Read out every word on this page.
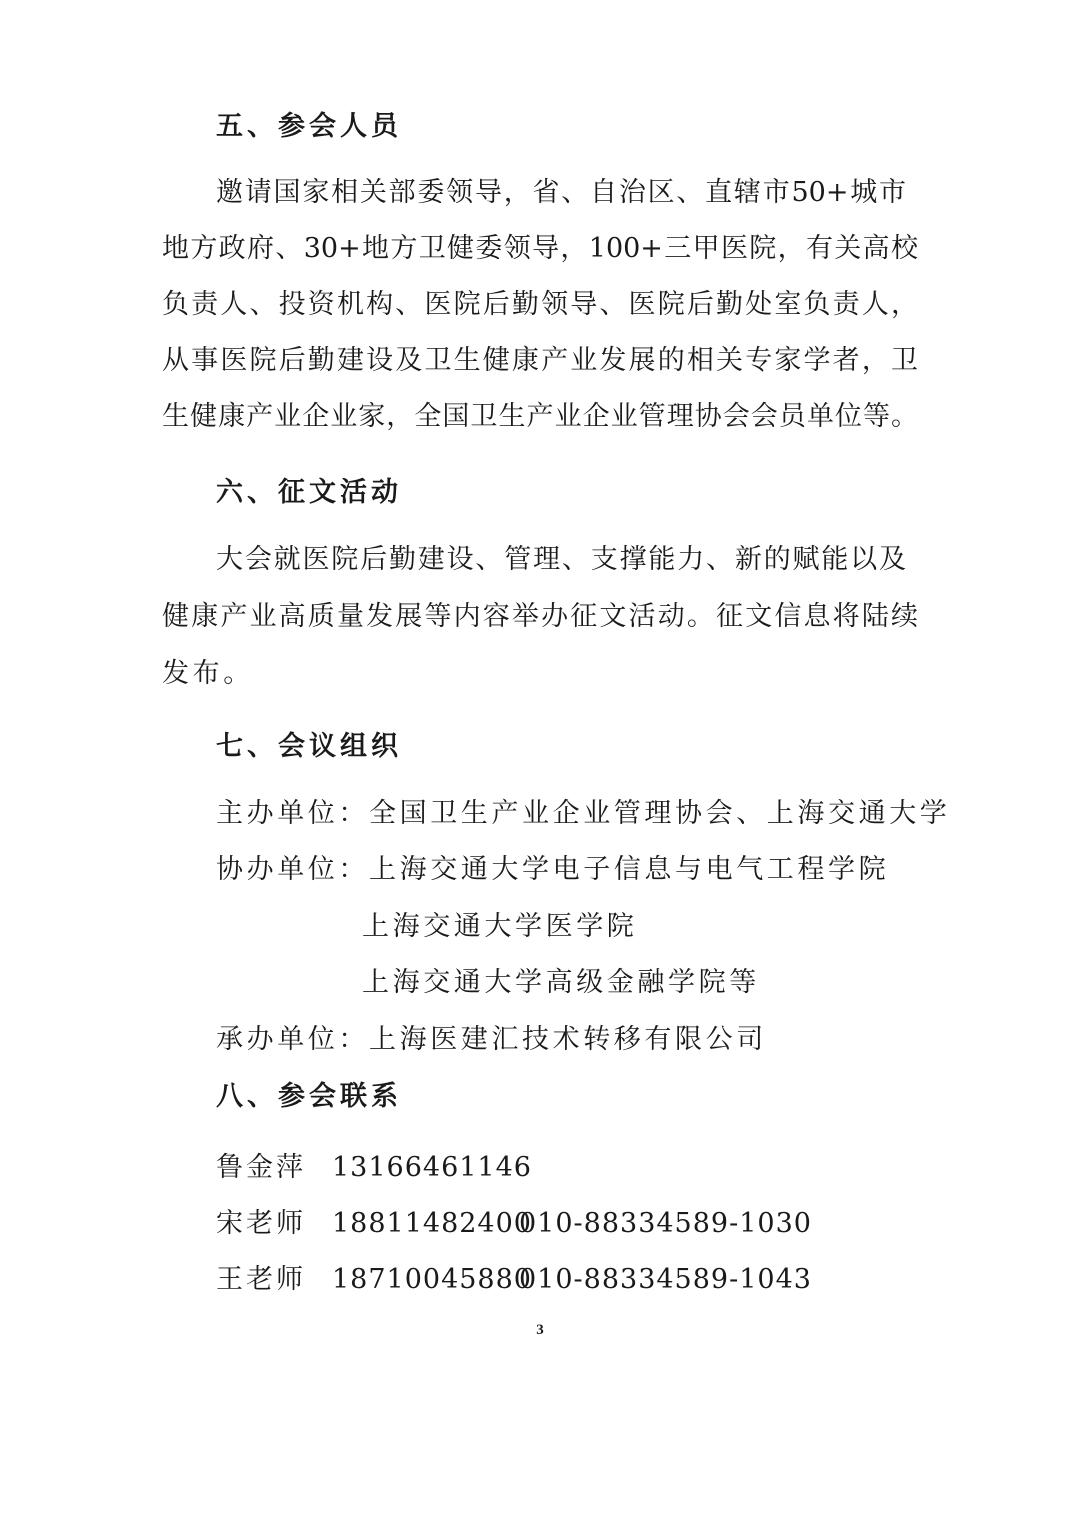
五、参会人员
邀请国家相关部委领导，省、自治区、直辖市50+城市
地方政府、30+地方卫健委领导，100+三甲医院，有关高校
负责人、投资机构、医院后勤领导、医院后勤处室负责人，
从事医院后勤建设及卫生健康产业发展的相关专家学者，卫
生健康产业企业家，全国卫生产业企业管理协会会员单位等。
六、征文活动
大会就医院后勤建设、管理、支撑能力、新的赋能以及
健康产业高质量发展等内容举办征文活动。征文信息将陆续
发布。
七、会议组织
主办单位：全国卫生产业企业管理协会、上海交通大学
协办单位：上海交通大学电子信息与电气工程学院
上海交通大学医学院
上海交通大学高级金融学院等
承办单位：上海医建汇技术转移有限公司
八、参会联系
鲁金萍 13166461146
宋老师 18811482400
010-88334589-1030
王老师 18710045880
010-88334589-1043
3
